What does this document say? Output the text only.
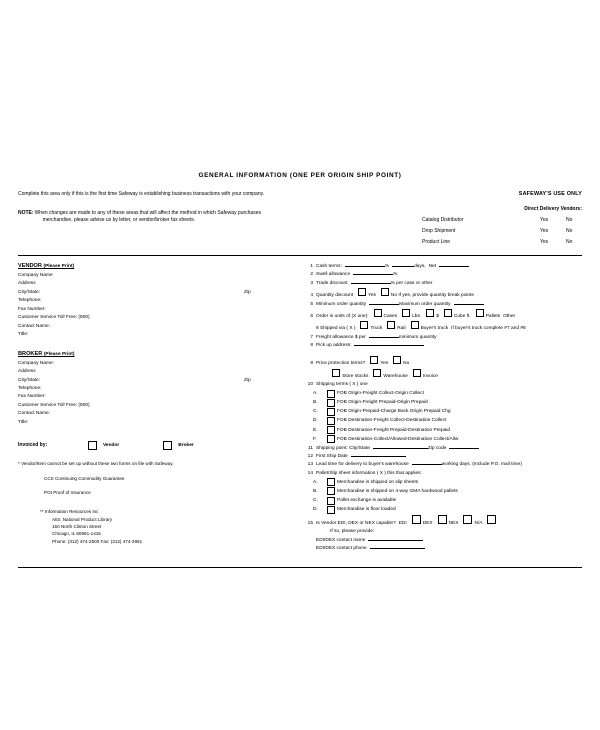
GENERAL INFORMATION (ONE PER ORIGIN SHIP POINT)
Complete this area only if this is the first time Safeway is establishing business transactions with your company.
NOTE: When changes are made to any of these areas that will affect the method in which Safeway purchases
merchandise, please advise us by letter, or vendor/broker fax sheets.
SAFEWAY'S USE ONLY
Direct Delivery Vendors:
Catalog Distributor	Yes	No
Drop Shipment	Yes	No
Product Line	Yes	No
VENDOR (Please Print)
Company Name
Address
City/State:	Zip
Telephone:
Fax Number:
Customer Service Toll Free: (800)
Contact Name:
Title:
BROKER (Please Print)
Company Name:
Address
City/State:	Zip
Telephone:
Fax Number:
Customer Service Toll Free: (800)
Contact Name:
Title:
Invoiced by:	Vendor	Broker
* Vendor/Item cannot be set up without these two forms on file with Safeway.
CCS Continuing Commodity Guarantee
POI Proof of Insurance
** Information Resources Inc
Attn: National Product Library
150 North Clinton Street
Chicago, IL 60661-1416
Phone: (312) 474-2500 Fax: (312) 474-2991
1 Cash terms:	%	days, Net
2 Swell allowance	%
3 Trade discount	% per case or other
4 Quantity discount	Yes	No If yes, provide quantity break points
5 Minimum order quantity	Maximum order quantity
6 Order in units of (X one):	Cases	Lbs.	$	Cube ft.	Pallets Other
8 Shipped via ( X )	Truck	Rail	Buyer's truck If buyer's truck complete #7 and #8
7 Freight allowance $ per	minimum quantity
8 Pick up address:
9 Price protection terms?	Yes	No
Store stocks	Warehouse	Invoice
10 Shipping terms ( X ) one
A.	FOB Origin-Freight Collect-Origin Collect
B.	FOB Origin-Freight Prepaid-Origin Prepaid
C.	FOB Origin-Prepaid-Charge Back Origin Prepaid Chg
D.	FOB Destination-Freight Collect-Destination Collect
E.	FOB Destination-Freight Prepaid-Destination Prepaid
F.	FOB Destination-Collect/Allowed-Destination Collect/Allw
11 Shipping point: City/State	Zip code
12 First Ship Date
13 Lead time for delivery to buyer's warehouse	working days. (Include P.O. mail time)
14 Pallet/Slip sheet information ( X ) this that applies:
A.	Merchandise is shipped on slip sheets
B.	Merchandise is shipped on 4-way GMA hardwood pallets
C.	Pallet exchange is available
D.	Merchandise is floor loaded
15 Is Vendor EDI, DEX or NEX capable? EDI	DEX	NEX	N/A
If so, please provide:
EDI/DEX contact name
EDI/DEX contact phone
